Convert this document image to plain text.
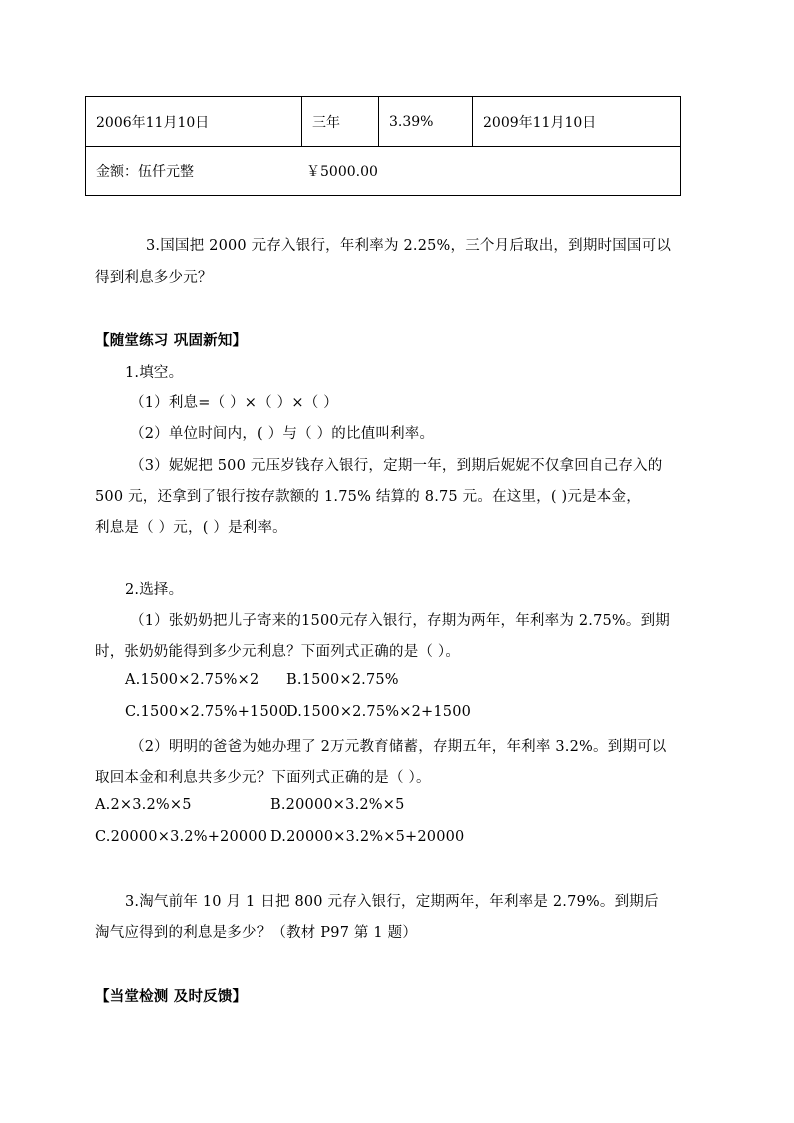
2006年11月10日	三年	3.39%	2009年11月10日

金额：伍仟元整	￥5000.00
3.国国把 2000 元存入银行，年利率为 2.25%，三个月后取出，到期时国国可以
得到利息多少元？
【随堂练习 巩固新知】
1.填空。
（1）利息=（ ）×（ ）×（ ）
（2）单位时间内，( ）与（ ）的比值叫利率。
（3）妮妮把 500 元压岁钱存入银行，定期一年，到期后妮妮不仅拿回自己存入的
500 元，还拿到了银行按存款额的 1.75% 结算的 8.75 元。在这里，( )元是本金，
利息是（ ）元，( ）是利率。
2.选择。
（1）张奶奶把儿子寄来的1500元存入银行，存期为两年，年利率为 2.75%。到期
时，张奶奶能得到多少元利息？下面列式正确的是（ ）。
A.1500×2.75%×2 B.1500×2.75%
C.1500×2.75%+1500
D.1500×2.75%×2+1500
（2）明明的爸爸为她办理了 2万元教育储蓄，存期五年，年利率 3.2%。到期可以
取回本金和利息共多少元？下面列式正确的是（ ）。
A.2×3.2%×5	B.20000×3.2%×5
C.20000×3.2%+20000 D.20000×3.2%×5+20000
3.淘气前年 10 月 1 日把 800 元存入银行，定期两年，年利率是 2.79%。到期后
淘气应得到的利息是多少？（教材 P97 第 1 题）
【当堂检测 及时反馈】
